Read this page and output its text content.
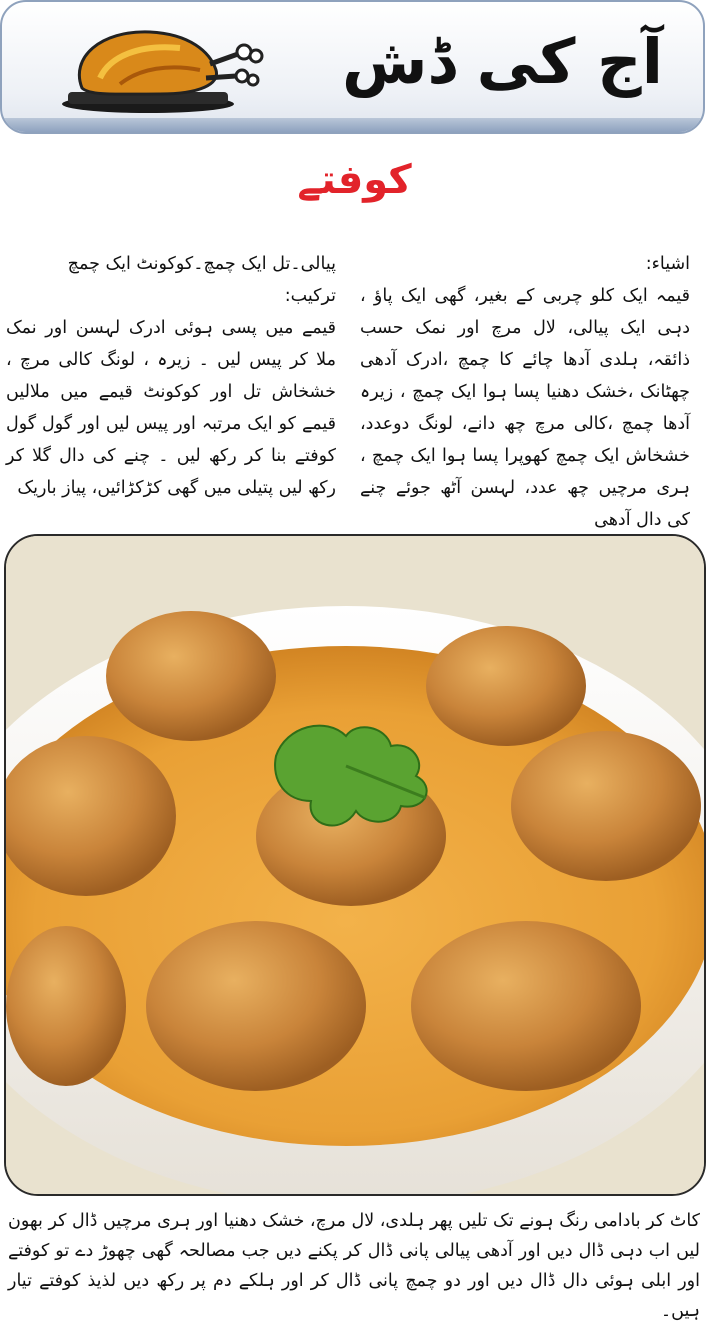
آج کی ڈش
کوفتے

اشیاء:

قیمہ ایک کلو چربی کے بغیر، گھی ایک پاؤ ، دہی ایک پیالی، لال مرچ اور نمک حسب ذائقہ، ہلدی آدھا چائے کا چمچ ،ادرک آدھی چھٹانک ،خشک دھنیا پسا ہوا ایک چمچ ، زیرہ آدھا چمچ ،کالی مرچ چھ دانے، لونگ دوعدد، خشخاش ایک چمچ کھوپرا پسا ہوا ایک چمچ ، ہری مرچیں چھ عدد، لہسن آٹھ جوئے چنے کی دال آدھی

پیالی۔تل ایک چمچ۔کوکونٹ ایک چمچ

ترکیب:

قیمے میں پسی ہوئی ادرک لہسن اور نمک ملا کر پیس لیں ۔ زیرہ ، لونگ کالی مرچ ، خشخاش تل اور کوکونٹ قیمے میں ملالیں قیمے کو ایک مرتبہ اور پیس لیں اور گول گول کوفتے بنا کر رکھ لیں ۔ چنے کی دال گلا کر رکھ لیں پتیلی میں گھی کڑکڑائیں، پیاز باریک

کاٹ کر بادامی رنگ ہونے تک تلیں پھر ہلدی، لال مرچ، خشک دھنیا اور ہری مرچیں ڈال کر بھون لیں اب دہی ڈال دیں اور آدھی پیالی پانی ڈال کر پکنے دیں جب مصالحہ گھی چھوڑ دے تو کوفتے اور ابلی ہوئی دال ڈال دیں اور دو چمچ پانی ڈال کر اور ہلکے دم پر رکھ دیں لذیذ کوفتے تیار ہیں۔
